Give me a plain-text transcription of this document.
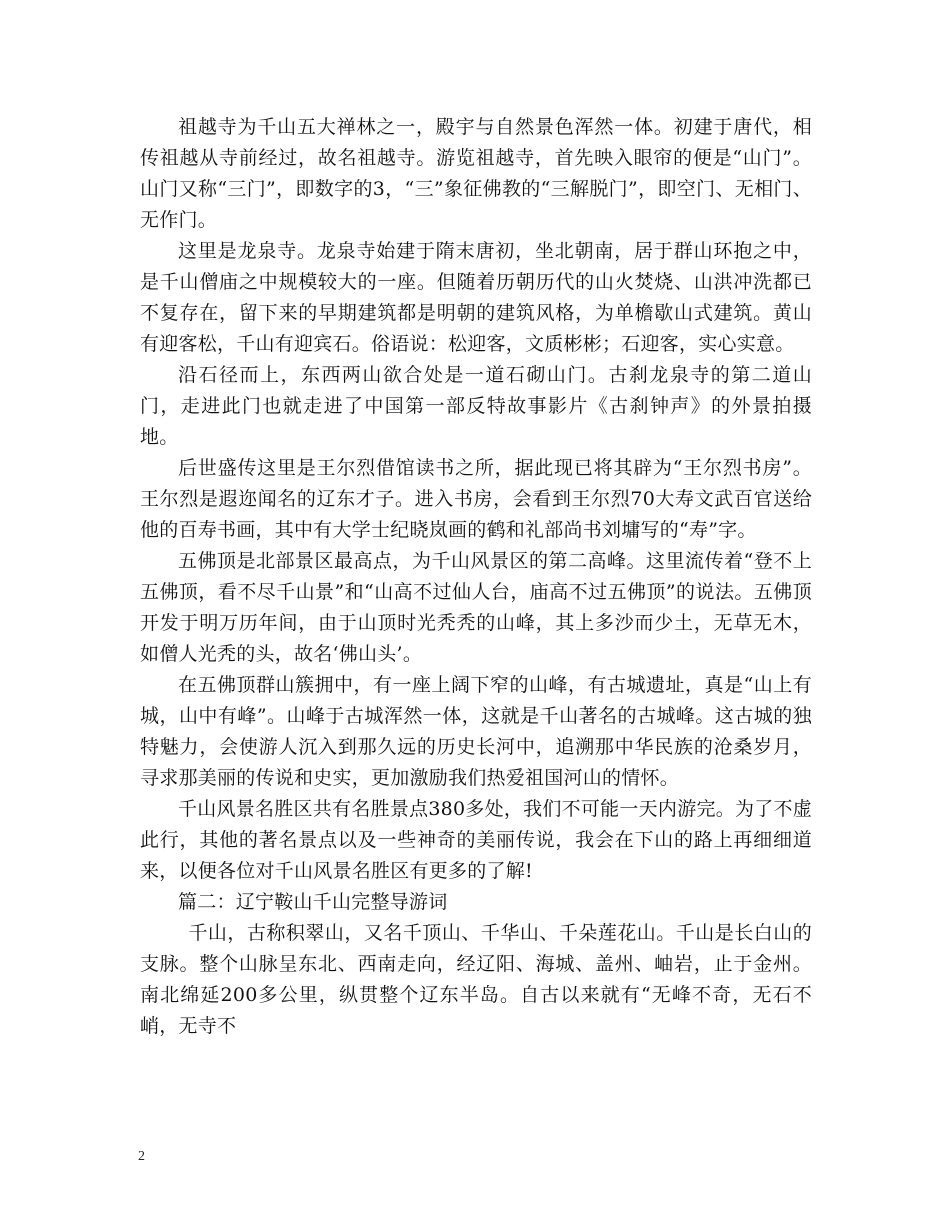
祖越寺为千山五大禅林之一，殿宇与自然景色浑然一体。初建于唐代，相传祖越从寺前经过，故名祖越寺。游览祖越寺，首先映入眼帘的便是“山门”。山门又称“三门”，即数字的3，“三”象征佛教的“三解脱门”，即空门、无相门、无作门。

这里是龙泉寺。龙泉寺始建于隋末唐初，坐北朝南，居于群山环抱之中，是千山僧庙之中规模较大的一座。但随着历朝历代的山火焚烧、山洪冲洗都已不复存在，留下来的早期建筑都是明朝的建筑风格，为单檐歇山式建筑。黄山有迎客松，千山有迎宾石。俗语说：松迎客，文质彬彬；石迎客，实心实意。

沿石径而上，东西两山欲合处是一道石砌山门。古刹龙泉寺的第二道山门，走进此门也就走进了中国第一部反特故事影片《古刹钟声》的外景拍摄地。

后世盛传这里是王尔烈借馆读书之所，据此现已将其辟为“王尔烈书房”。王尔烈是遐迩闻名的辽东才子。进入书房，会看到王尔烈70大寿文武百官送给他的百寿书画，其中有大学士纪晓岚画的鹤和礼部尚书刘墉写的“寿”字。

五佛顶是北部景区最高点，为千山风景区的第二高峰。这里流传着“登不上五佛顶，看不尽千山景”和“山高不过仙人台，庙高不过五佛顶”的说法。五佛顶开发于明万历年间，由于山顶时光秃秃的山峰，其上多沙而少土，无草无木，如僧人光秃的头，故名‘佛山头’。

在五佛顶群山簇拥中，有一座上阔下窄的山峰，有古城遗址，真是“山上有城，山中有峰”。山峰于古城浑然一体，这就是千山著名的古城峰。这古城的独特魅力，会使游人沉入到那久远的历史长河中，追溯那中华民族的沧桑岁月，寻求那美丽的传说和史实，更加激励我们热爱祖国河山的情怀。

千山风景名胜区共有名胜景点380多处，我们不可能一天内游完。为了不虚此行，其他的著名景点以及一些神奇的美丽传说，我会在下山的路上再细细道来，以便各位对千山风景名胜区有更多的了解!

篇二：辽宁鞍山千山完整导游词

千山，古称积翠山，又名千顶山、千华山、千朵莲花山。千山是长白山的支脉。整个山脉呈东北、西南走向，经辽阳、海城、盖州、岫岩，止于金州。南北绵延200多公里，纵贯整个辽东半岛。自古以来就有“无峰不奇，无石不峭，无寺不

2
